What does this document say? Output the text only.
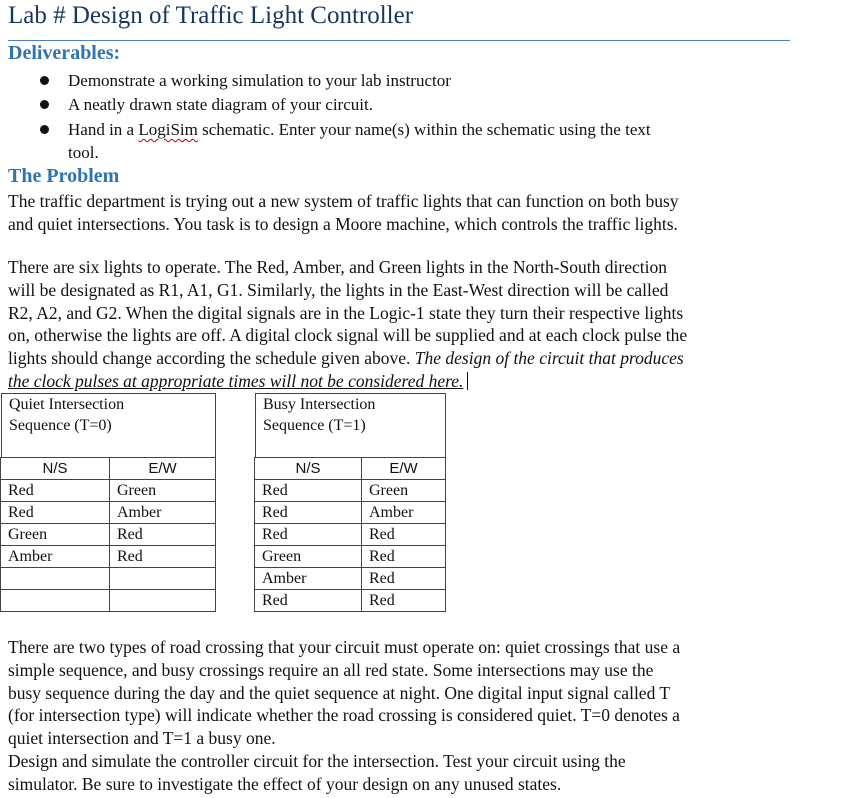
Lab # Design of Traffic Light Controller
Deliverables:
Demonstrate a working simulation to your lab instructor
A neatly drawn state diagram of your circuit.
Hand in a LogiSim schematic. Enter your name(s) within the schematic using the text
tool.
The Problem
The traffic department is trying out a new system of traffic lights that can function on both busy
and quiet intersections. You task is to design a Moore machine, which controls the traffic lights.
There are six lights to operate. The Red, Amber, and Green lights in the North-South direction
will be designated as R1, A1, G1. Similarly, the lights in the East-West direction will be called
R2, A2, and G2. When the digital signals are in the Logic-1 state they turn their respective lights
on, otherwise the lights are off. A digital clock signal will be supplied and at each clock pulse the
lights should change according the schedule given above. The design of the circuit that produces
the clock pulses at appropriate times will not be considered here.
Quiet Intersection
Sequence (T=0)
N/S	E/W
Red	Green
Red	Amber
Green	Red
Amber	Red

Busy Intersection
Sequence (T=1)
N/S	E/W
Red	Green
Red	Amber
Red	Red
Green	Red
Amber	Red
Red	Red
There are two types of road crossing that your circuit must operate on: quiet crossings that use a
simple sequence, and busy crossings require an all red state. Some intersections may use the
busy sequence during the day and the quiet sequence at night. One digital input signal called T
(for intersection type) will indicate whether the road crossing is considered quiet. T=0 denotes a
quiet intersection and T=1 a busy one.
Design and simulate the controller circuit for the intersection. Test your circuit using the
simulator. Be sure to investigate the effect of your design on any unused states.
